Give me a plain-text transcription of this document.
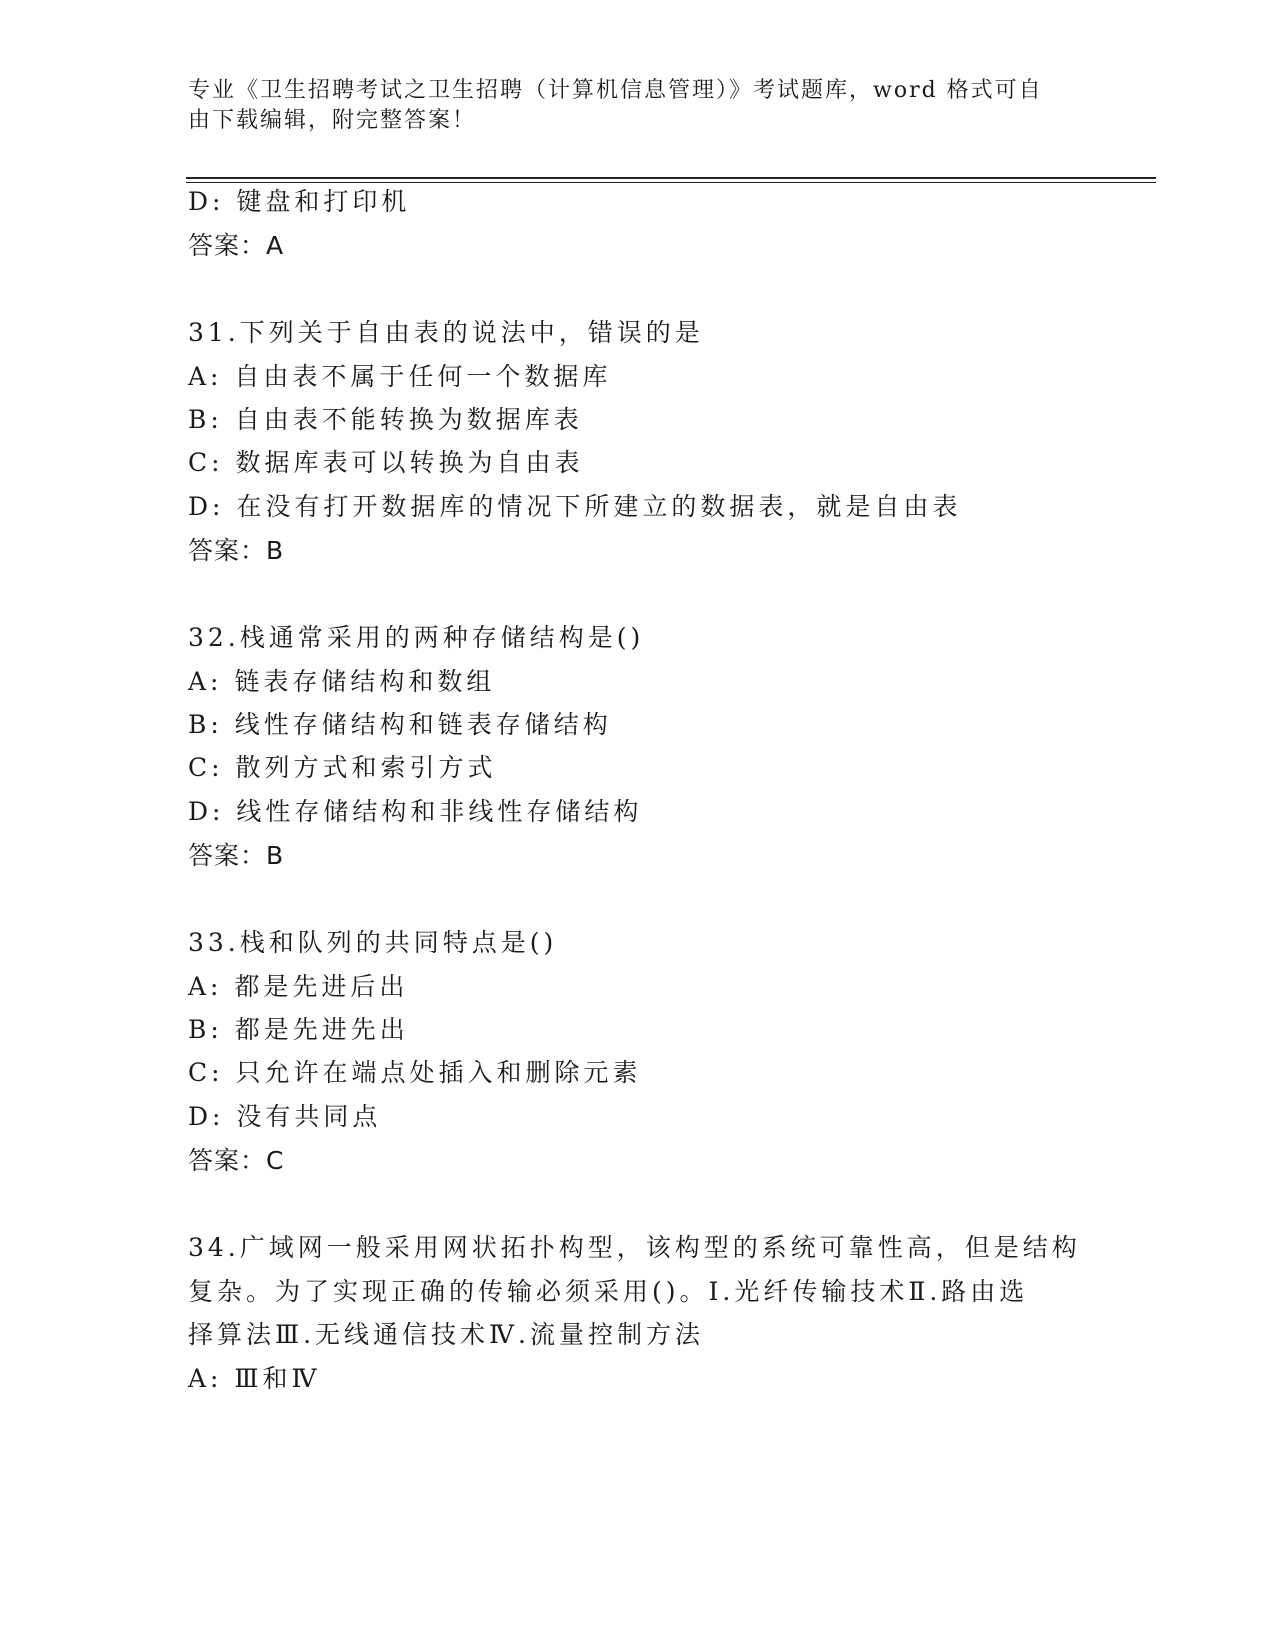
专业《卫生招聘考试之卫生招聘（计算机信息管理）》考试题库，word 格式可自
由下载编辑，附完整答案！
D: 键盘和打印机
答案：A
31.下列关于自由表的说法中，错误的是
A: 自由表不属于任何一个数据库
B: 自由表不能转换为数据库表
C: 数据库表可以转换为自由表
D: 在没有打开数据库的情况下所建立的数据表，就是自由表
答案：B
32.栈通常采用的两种存储结构是()
A: 链表存储结构和数组
B: 线性存储结构和链表存储结构
C: 散列方式和索引方式
D: 线性存储结构和非线性存储结构
答案：B
33.栈和队列的共同特点是()
A: 都是先进后出
B: 都是先进先出
C: 只允许在端点处插入和删除元素
D: 没有共同点
答案：C
34.广域网一般采用网状拓扑构型，该构型的系统可靠性高，但是结构
复杂。为了实现正确的传输必须采用()。Ⅰ.光纤传输技术Ⅱ.路由选
择算法Ⅲ.无线通信技术Ⅳ.流量控制方法
A: Ⅲ和Ⅳ
